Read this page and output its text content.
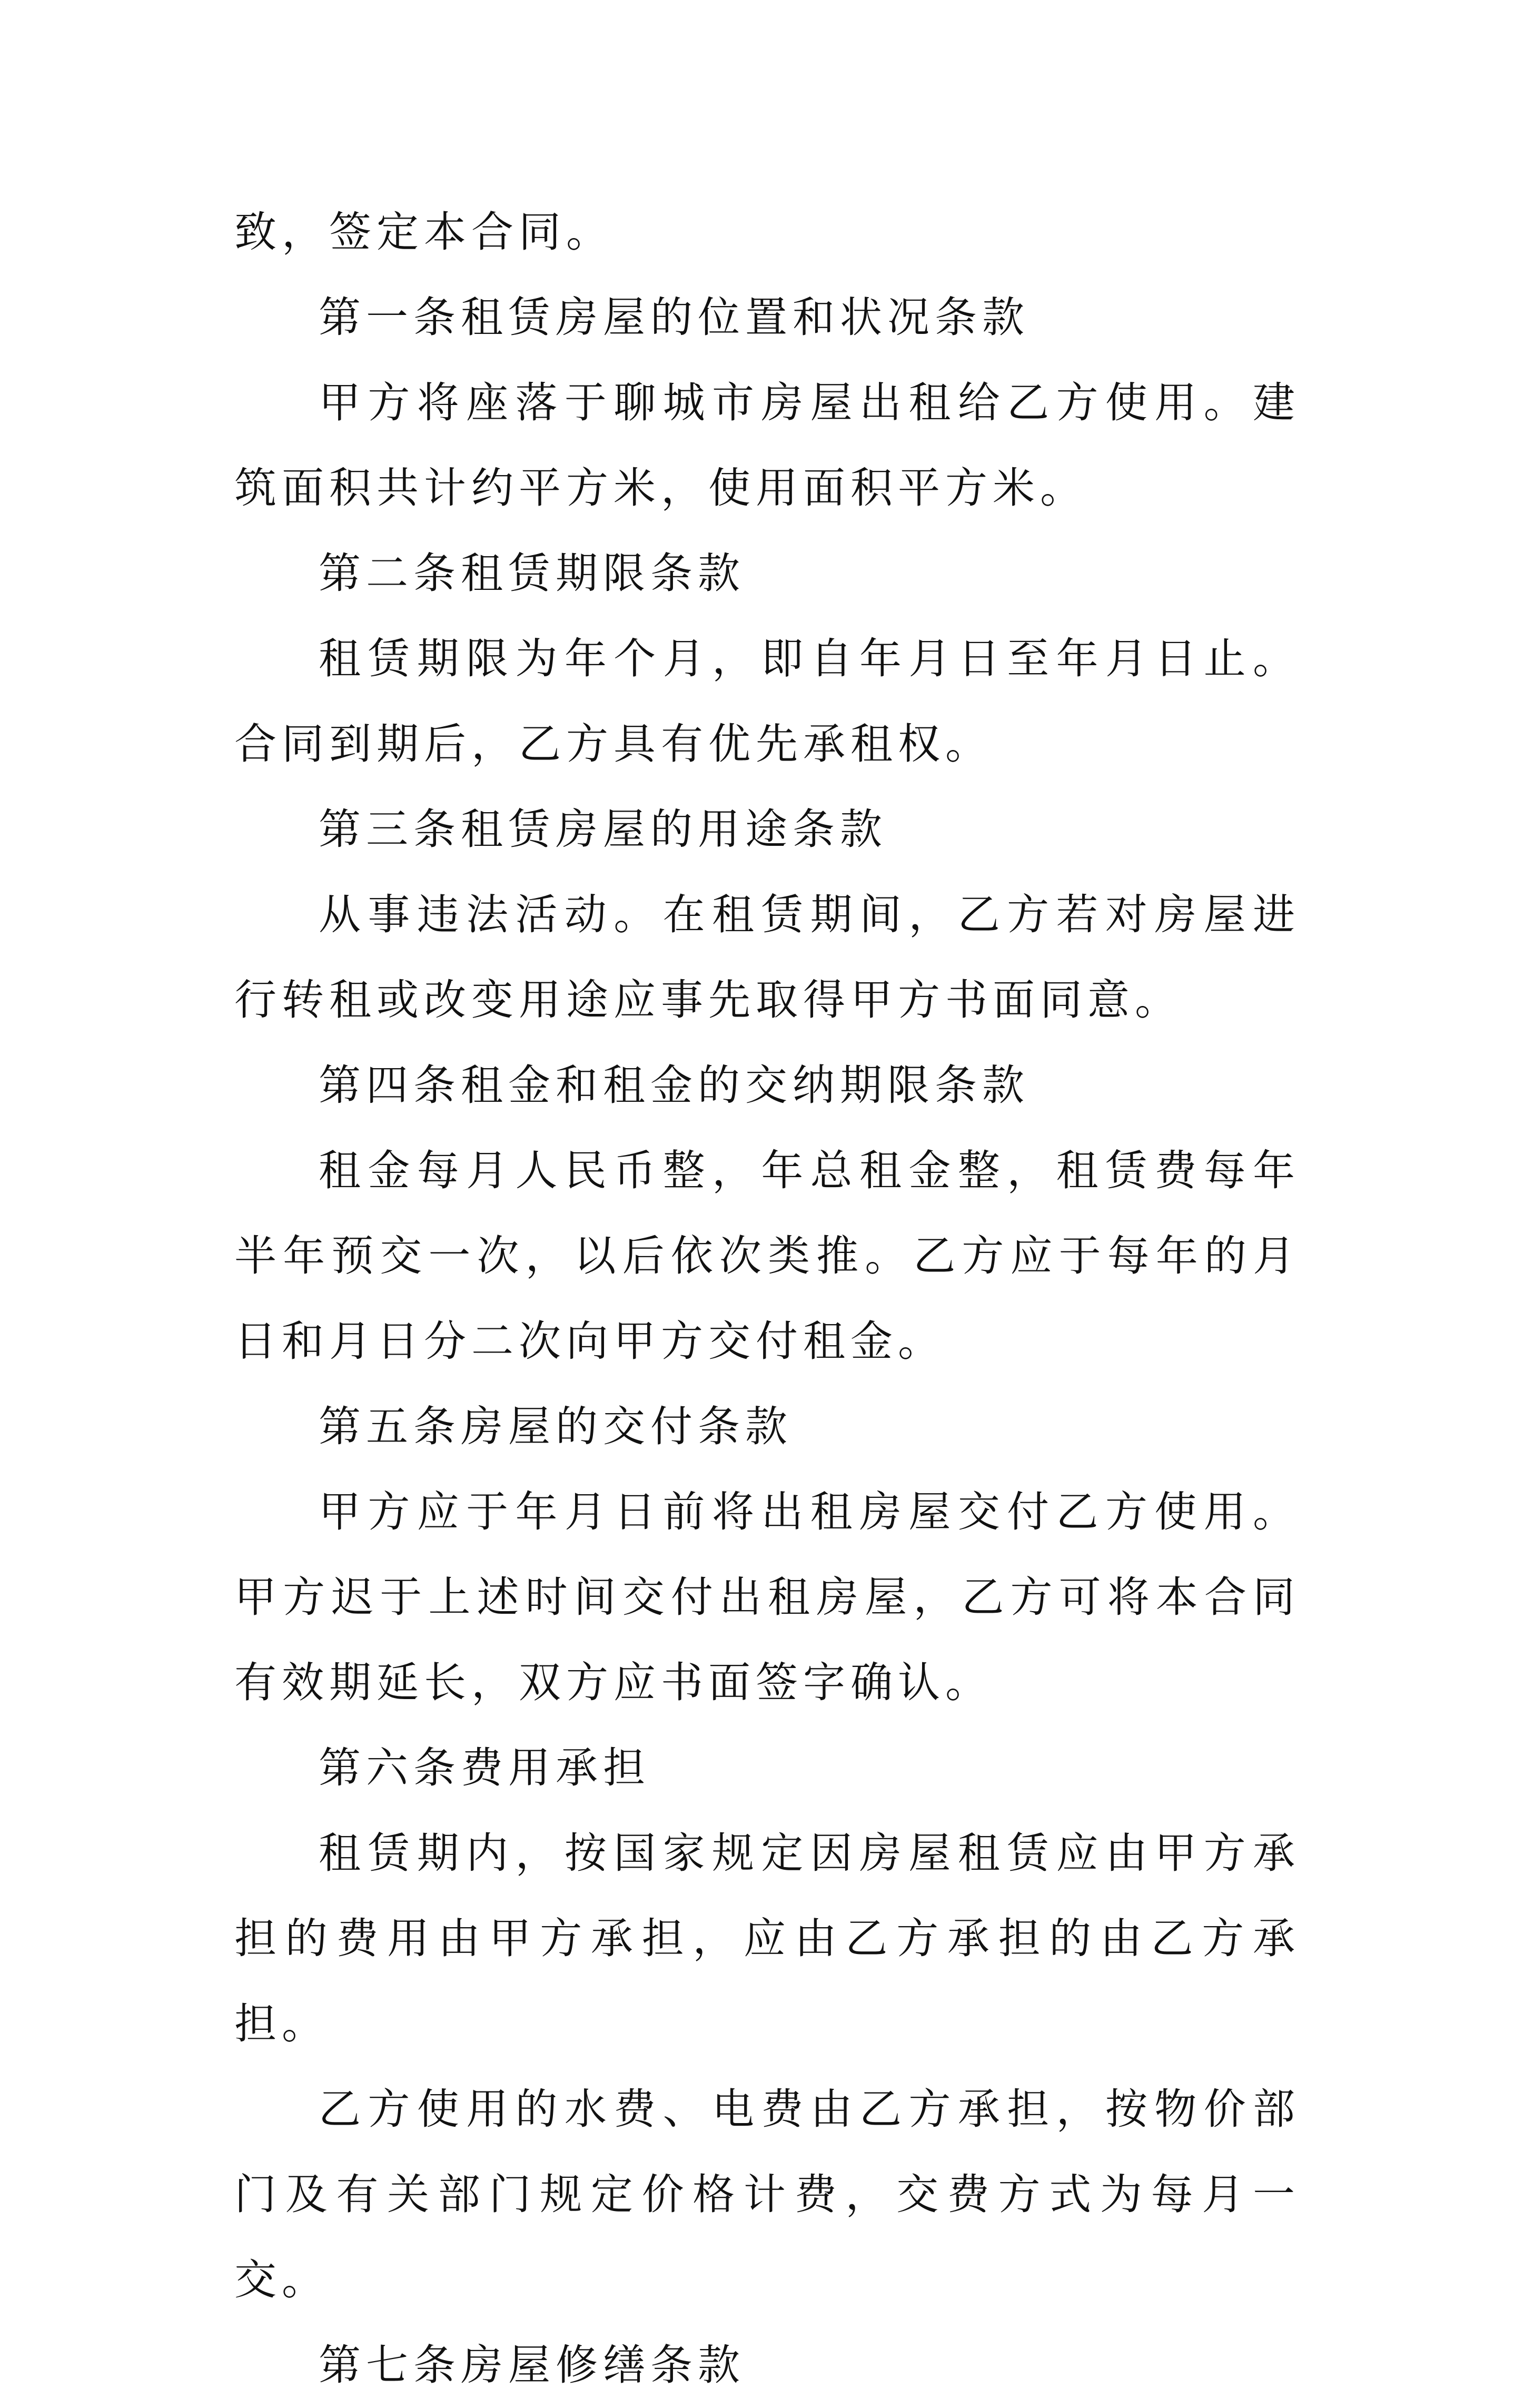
致，签定本合同。

第一条租赁房屋的位置和状况条款

甲方将座落于聊城市房屋出租给乙方使用。建筑面积共计约平方米，使用面积平方米。

第二条租赁期限条款

租赁期限为年个月，即自年月日至年月日止。合同到期后，乙方具有优先承租权。

第三条租赁房屋的用途条款

从事违法活动。在租赁期间，乙方若对房屋进行转租或改变用途应事先取得甲方书面同意。

第四条租金和租金的交纳期限条款

租金每月人民币整，年总租金整，租赁费每年半年预交一次，以后依次类推。乙方应于每年的月日和月日分二次向甲方交付租金。

第五条房屋的交付条款

甲方应于年月日前将出租房屋交付乙方使用。甲方迟于上述时间交付出租房屋，乙方可将本合同有效期延长，双方应书面签字确认。

第六条费用承担

租赁期内，按国家规定因房屋租赁应由甲方承担的费用由甲方承担，应由乙方承担的由乙方承担。

乙方使用的水费、电费由乙方承担，按物价部门及有关部门规定价格计费，交费方式为每月一交。

第七条房屋修缮条款
